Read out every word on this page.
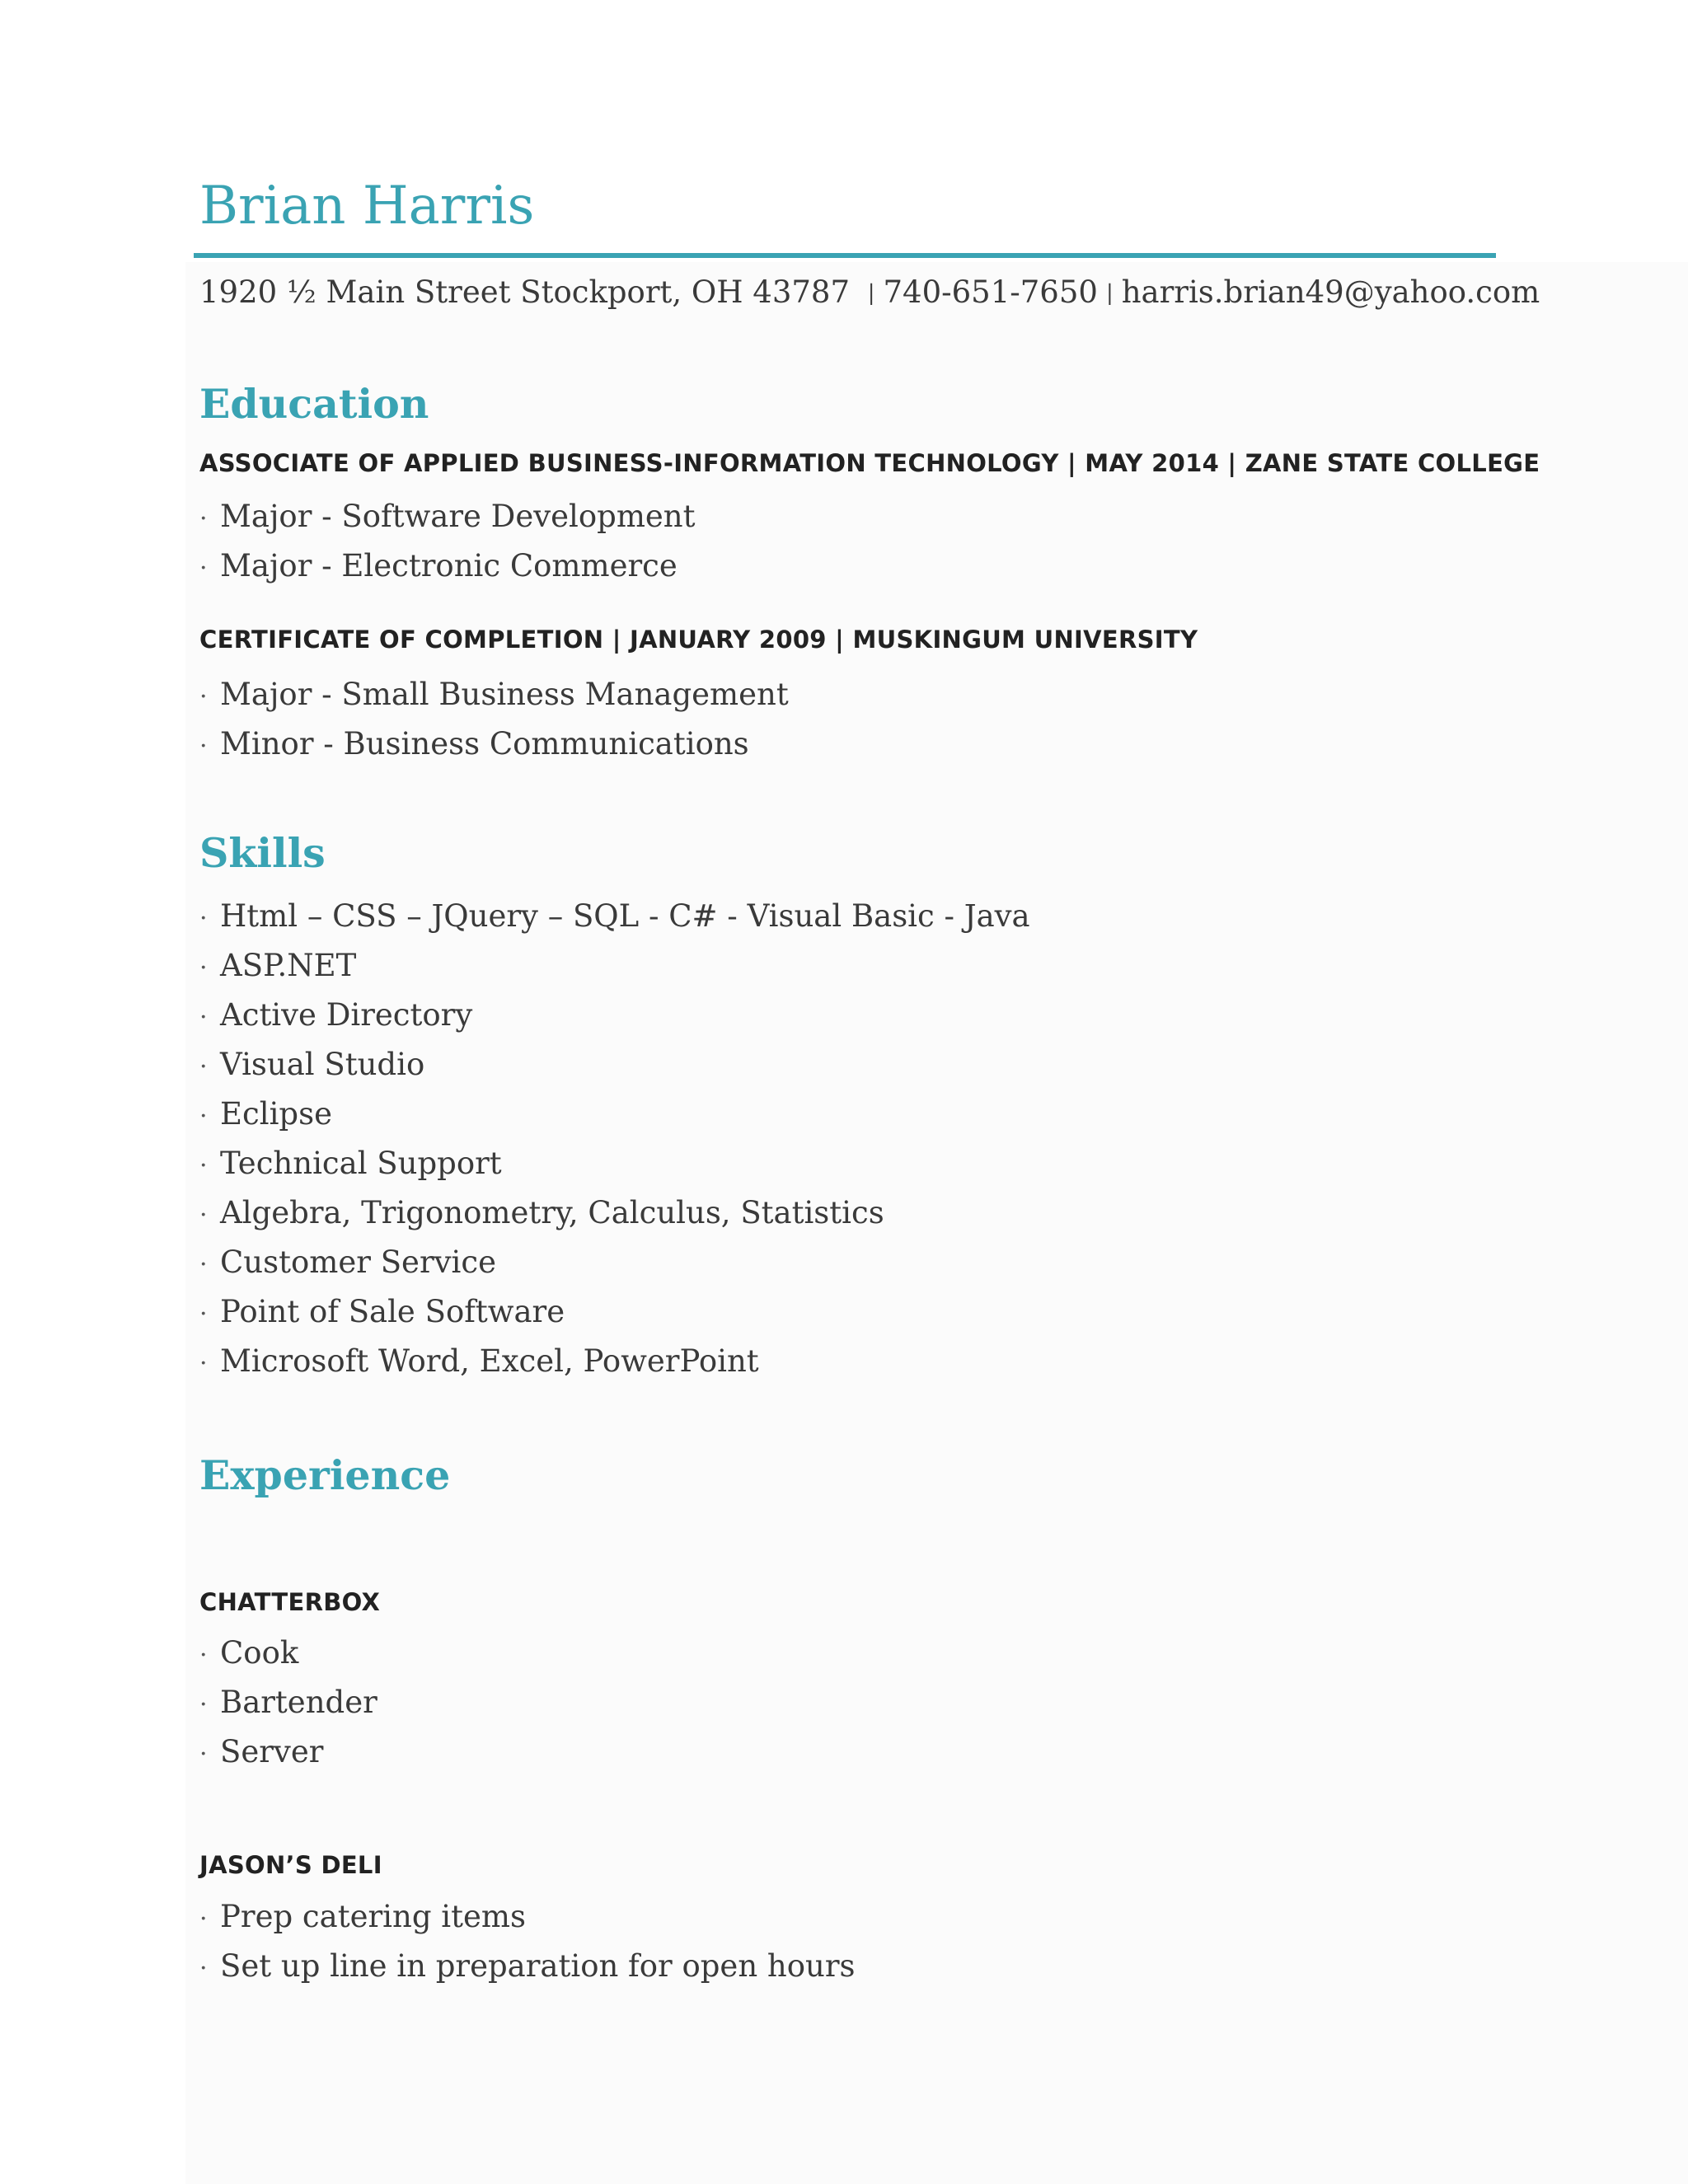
Brian Harris
1920 ½ Main Street Stockport, OH 43787 | 740-651-7650 | harris.brian49@yahoo.com
Education
ASSOCIATE OF APPLIED BUSINESS-INFORMATION TECHNOLOGY | MAY 2014 | ZANE STATE COLLEGE
· Major - Software Development
· Major - Electronic Commerce
CERTIFICATE OF COMPLETION | JANUARY 2009 | MUSKINGUM UNIVERSITY
· Major - Small Business Management
· Minor - Business Communications
Skills
· Html – CSS – JQuery – SQL - C# - Visual Basic - Java
· ASP.NET
· Active Directory
· Visual Studio
· Eclipse
· Technical Support
· Algebra, Trigonometry, Calculus, Statistics
· Customer Service
· Point of Sale Software
· Microsoft Word, Excel, PowerPoint
Experience
CHATTERBOX
· Cook
· Bartender
· Server
JASON’S DELI
· Prep catering items
· Set up line in preparation for open hours
